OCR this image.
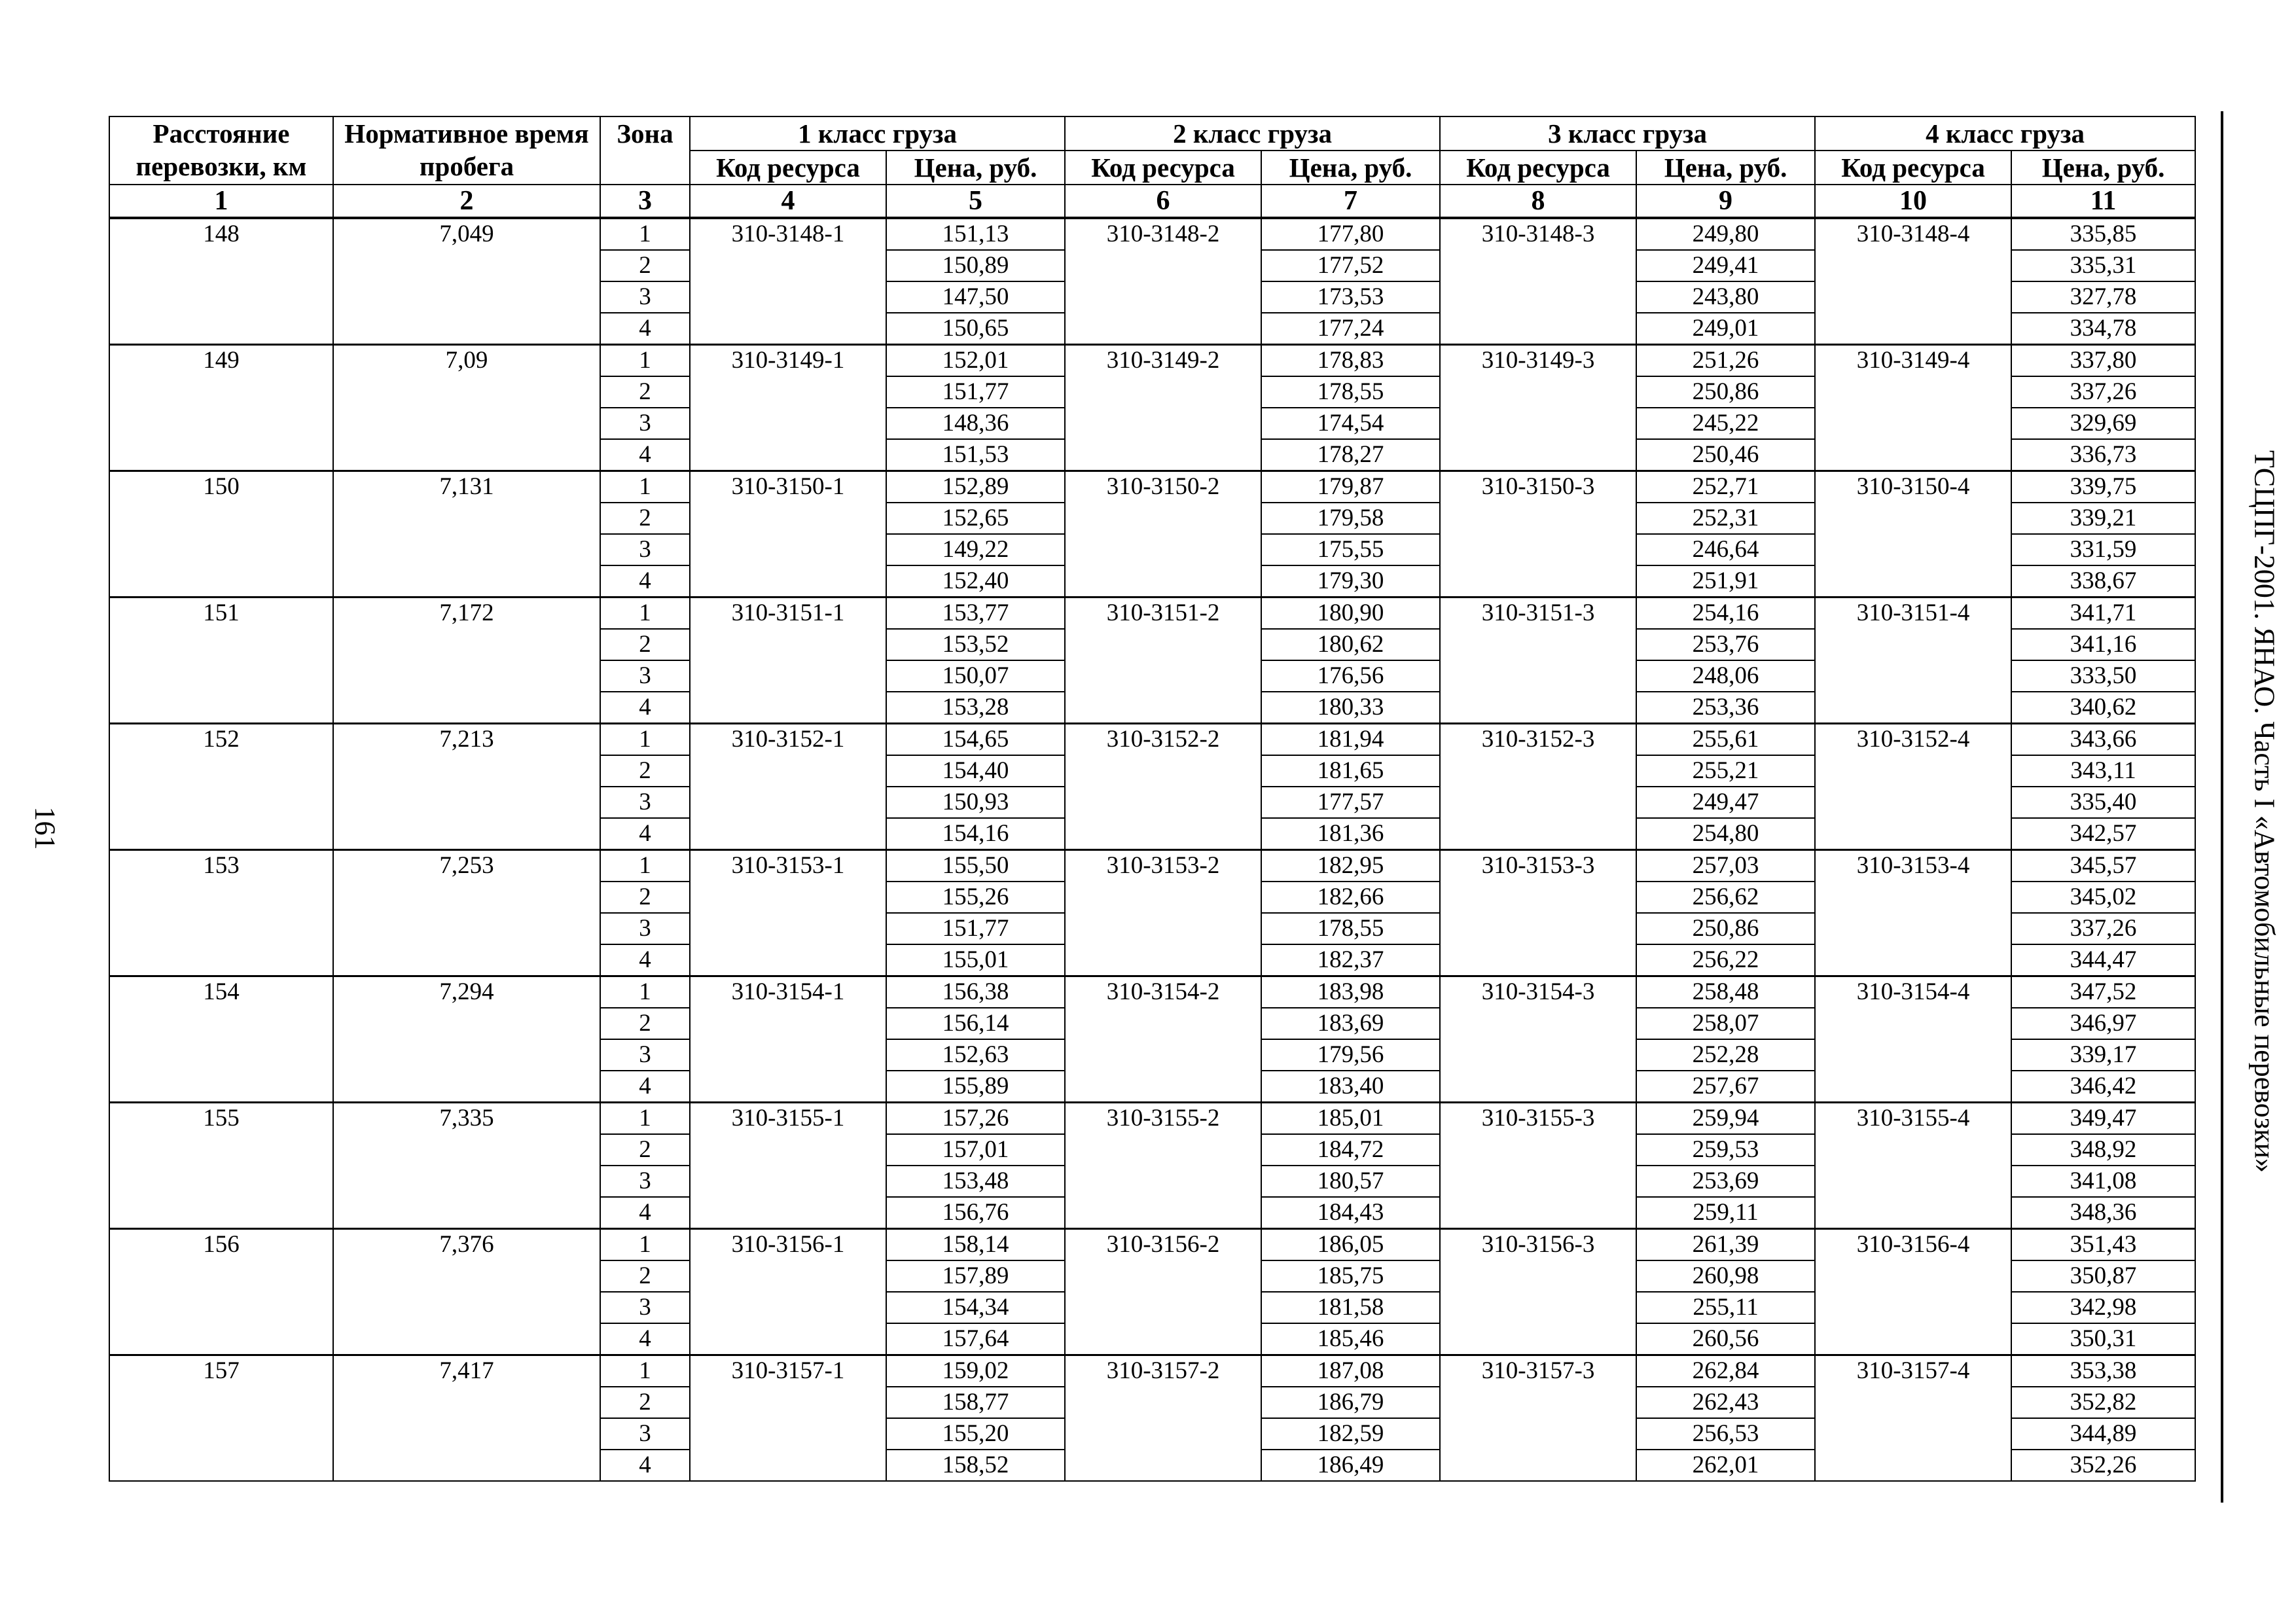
161	ТСЦПГ-2001. ЯНАО. Часть I «Автомобильные перевозки»
Расстояние перевозки, км	Нормативное время пробега	Зона	1 класс груза		2 класс груза		3 класс груза		4 класс груза	
			Код ресурса	Цена, руб.	Код ресурса	Цена, руб.	Код ресурса	Цена, руб.	Код ресурса	Цена, руб.
1	2	3	4	5	6	7	8	9	10	11
148	7,049	1	310-3148-1	151,13	310-3148-2	177,80	310-3148-3	249,80	310-3148-4	335,85
		2		150,89		177,52		249,41		335,31
		3		147,50		173,53		243,80		327,78
		4		150,65		177,24		249,01		334,78
149	7,09	1	310-3149-1	152,01	310-3149-2	178,83	310-3149-3	251,26	310-3149-4	337,80
		2		151,77		178,55		250,86		337,26
		3		148,36		174,54		245,22		329,69
		4		151,53		178,27		250,46		336,73
150	7,131	1	310-3150-1	152,89	310-3150-2	179,87	310-3150-3	252,71	310-3150-4	339,75
		2		152,65		179,58		252,31		339,21
		3		149,22		175,55		246,64		331,59
		4		152,40		179,30		251,91		338,67
151	7,172	1	310-3151-1	153,77	310-3151-2	180,90	310-3151-3	254,16	310-3151-4	341,71
		2		153,52		180,62		253,76		341,16
		3		150,07		176,56		248,06		333,50
		4		153,28		180,33		253,36		340,62
152	7,213	1	310-3152-1	154,65	310-3152-2	181,94	310-3152-3	255,61	310-3152-4	343,66
		2		154,40		181,65		255,21		343,11
		3		150,93		177,57		249,47		335,40
		4		154,16		181,36		254,80		342,57
153	7,253	1	310-3153-1	155,50	310-3153-2	182,95	310-3153-3	257,03	310-3153-4	345,57
		2		155,26		182,66		256,62		345,02
		3		151,77		178,55		250,86		337,26
		4		155,01		182,37		256,22		344,47
154	7,294	1	310-3154-1	156,38	310-3154-2	183,98	310-3154-3	258,48	310-3154-4	347,52
		2		156,14		183,69		258,07		346,97
		3		152,63		179,56		252,28		339,17
		4		155,89		183,40		257,67		346,42
155	7,335	1	310-3155-1	157,26	310-3155-2	185,01	310-3155-3	259,94	310-3155-4	349,47
		2		157,01		184,72		259,53		348,92
		3		153,48		180,57		253,69		341,08
		4		156,76		184,43		259,11		348,36
156	7,376	1	310-3156-1	158,14	310-3156-2	186,05	310-3156-3	261,39	310-3156-4	351,43
		2		157,89		185,75		260,98		350,87
		3		154,34		181,58		255,11		342,98
		4		157,64		185,46		260,56		350,31
157	7,417	1	310-3157-1	159,02	310-3157-2	187,08	310-3157-3	262,84	310-3157-4	353,38
		2		158,77		186,79		262,43		352,82
		3		155,20		182,59		256,53		344,89
		4		158,52		186,49		262,01		352,26
